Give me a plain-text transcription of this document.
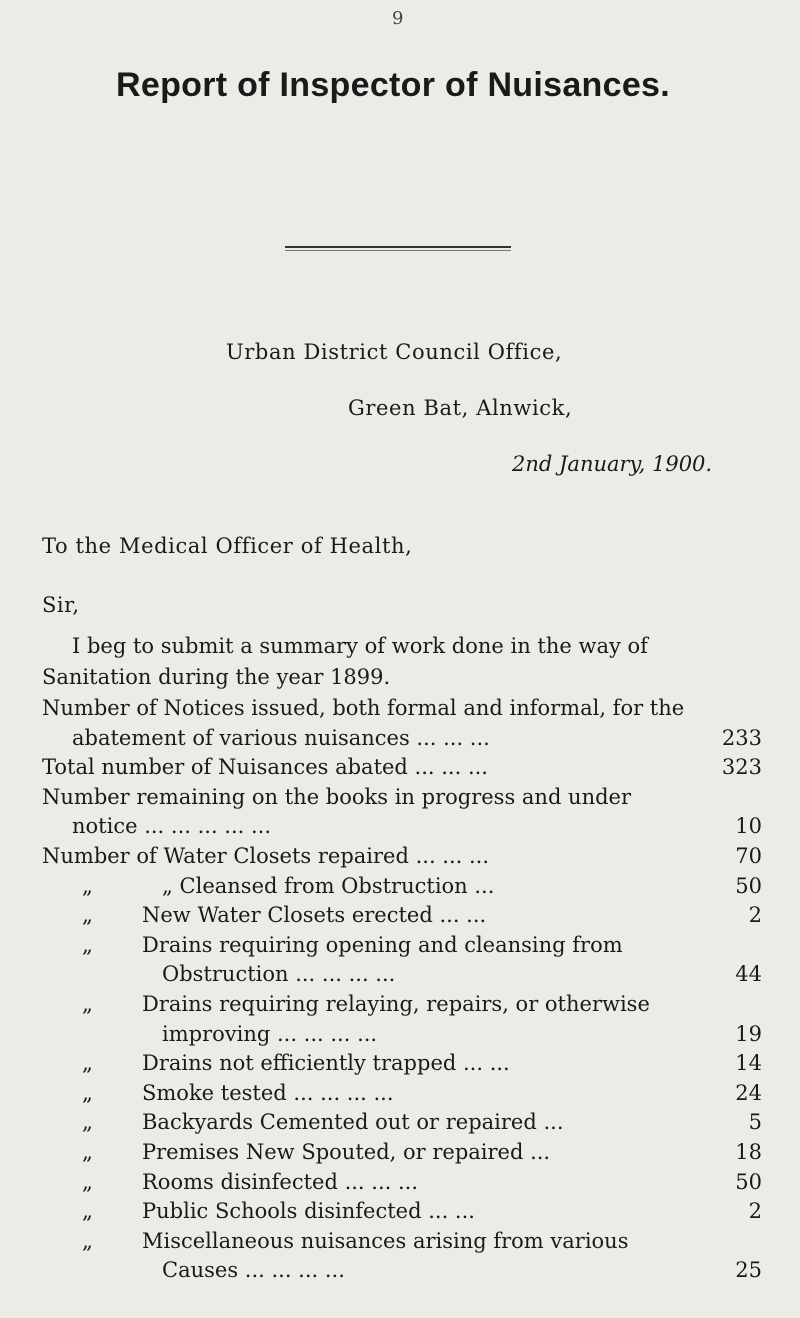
9
Report of Inspector of Nuisances.
Urban District Council Office,
Green Bat, Alnwick,
2nd January, 1900.
To the Medical Officer of Health,
Sir,
I beg to submit a summary of work done in the way of
Sanitation during the year 1899.
Number of Notices issued, both formal and informal, for the
abatement of various nuisances ... ... ...	233
Total number of Nuisances abated ... ... ...	323
Number remaining on the books in progress and under
notice ... ... ... ... ...	10
Number of Water Closets repaired ... ... ...	70
„	„ Cleansed from Obstruction ...	50
„ New Water Closets erected ... ...	2
„ Drains requiring opening and cleansing from
Obstruction ... ... ... ...	44
„ Drains requiring relaying, repairs, or otherwise
improving ... ... ... ...	19
„ Drains not efficiently trapped ... ...	14
„ Smoke tested ... ... ... ...	24
„ Backyards Cemented out or repaired ...	5
„ Premises New Spouted, or repaired ...	18
„ Rooms disinfected ... ... ...	50
„ Public Schools disinfected ... ...	2
„ Miscellaneous nuisances arising from various
Causes ... ... ... ...	25
